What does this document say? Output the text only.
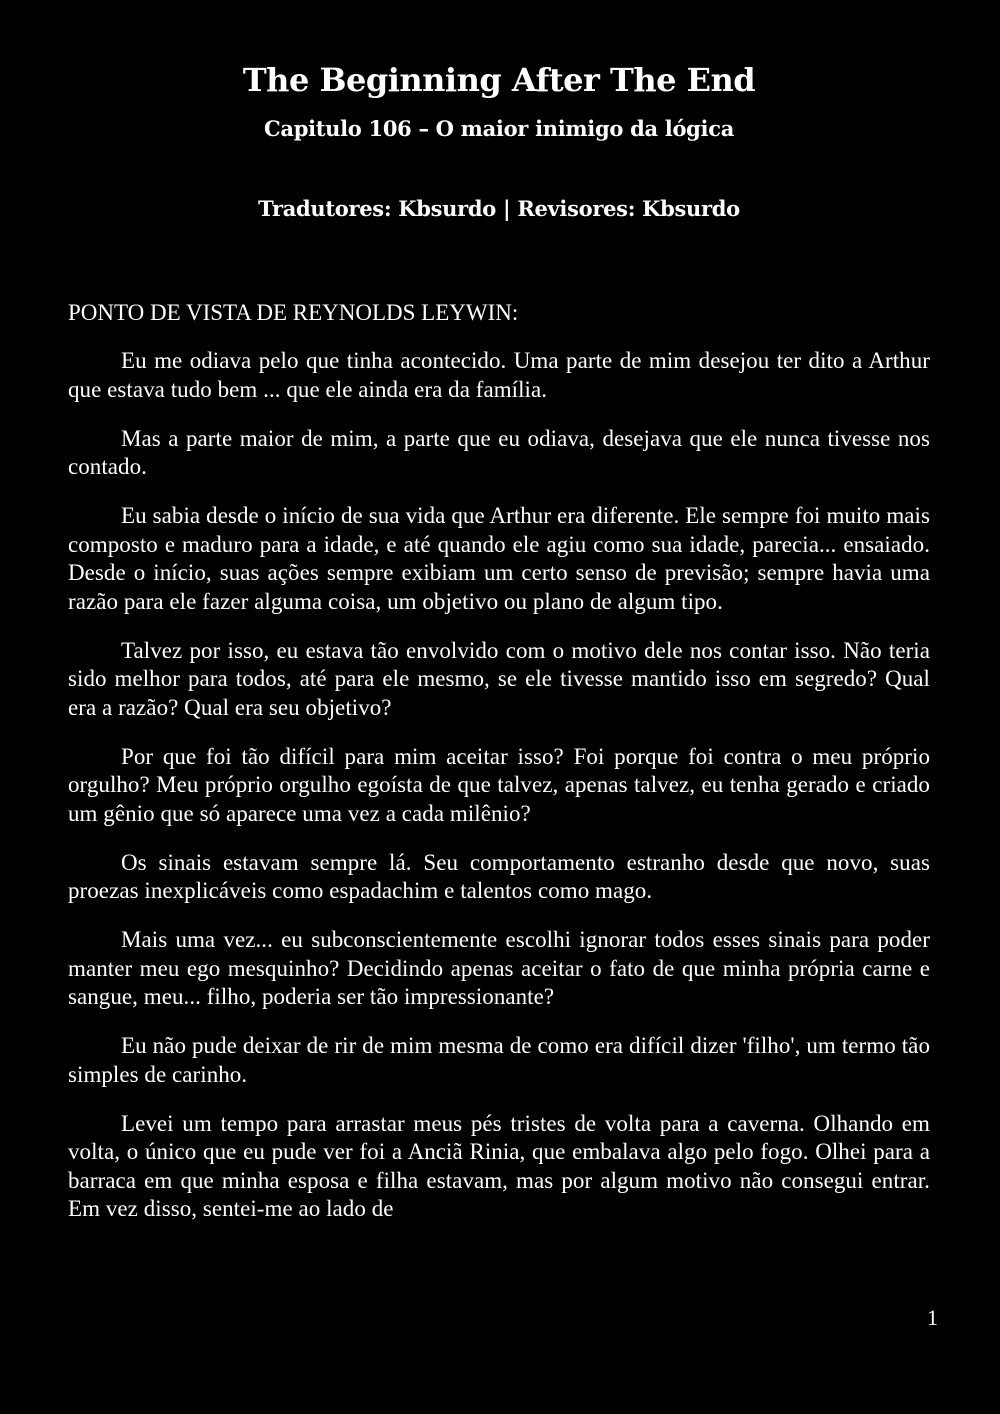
The Beginning After The End
Capitulo 106 – O maior inimigo da lógica
Tradutores: Kbsurdo | Revisores: Kbsurdo
PONTO DE VISTA DE REYNOLDS LEYWIN:

Eu me odiava pelo que tinha acontecido. Uma parte de mim desejou ter dito a Arthur que estava tudo bem ... que ele ainda era da família.

Mas a parte maior de mim, a parte que eu odiava, desejava que ele nunca tivesse nos contado.

Eu sabia desde o início de sua vida que Arthur era diferente. Ele sempre foi muito mais composto e maduro para a idade, e até quando ele agiu como sua idade, parecia... ensaiado. Desde o início, suas ações sempre exibiam um certo senso de previsão; sempre havia uma razão para ele fazer alguma coisa, um objetivo ou plano de algum tipo.

Talvez por isso, eu estava tão envolvido com o motivo dele nos contar isso. Não teria sido melhor para todos, até para ele mesmo, se ele tivesse mantido isso em segredo? Qual era a razão? Qual era seu objetivo?

Por que foi tão difícil para mim aceitar isso? Foi porque foi contra o meu próprio orgulho? Meu próprio orgulho egoísta de que talvez, apenas talvez, eu tenha gerado e criado um gênio que só aparece uma vez a cada milênio?

Os sinais estavam sempre lá. Seu comportamento estranho desde que novo, suas proezas inexplicáveis como espadachim e talentos como mago.

Mais uma vez... eu subconscientemente escolhi ignorar todos esses sinais para poder manter meu ego mesquinho? Decidindo apenas aceitar o fato de que minha própria carne e sangue, meu... filho, poderia ser tão impressionante?

Eu não pude deixar de rir de mim mesma de como era difícil dizer 'filho', um termo tão simples de carinho.

Levei um tempo para arrastar meus pés tristes de volta para a caverna. Olhando em volta, o único que eu pude ver foi a Anciã Rinia, que embalava algo pelo fogo. Olhei para a barraca em que minha esposa e filha estavam, mas por algum motivo não consegui entrar. Em vez disso, sentei-me ao lado de

1
